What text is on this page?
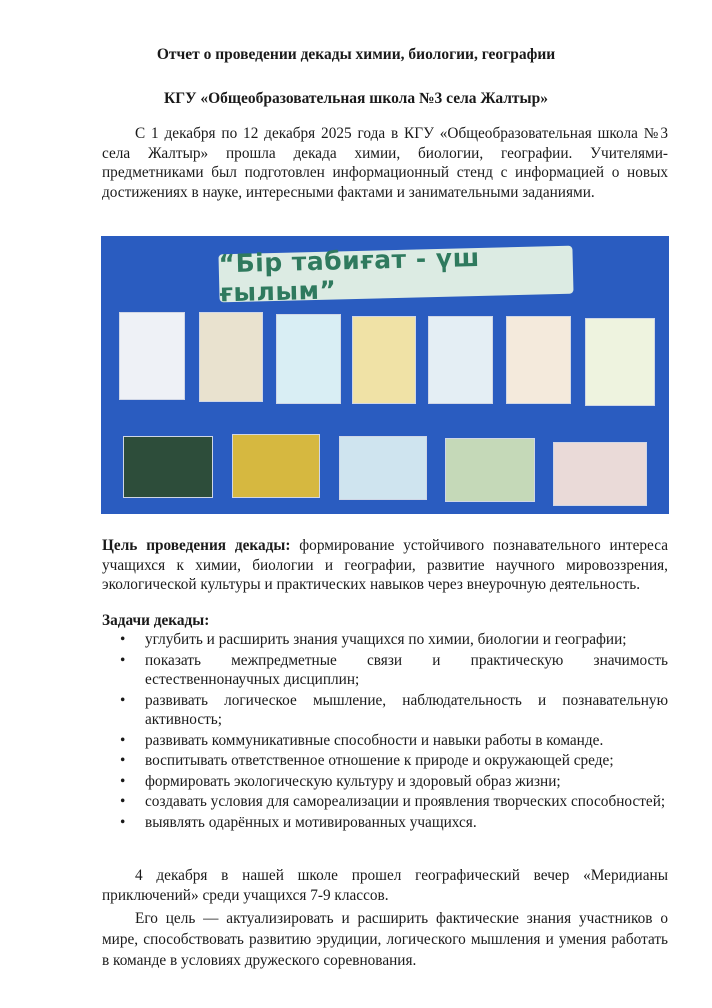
Отчет о проведении декады химии, биологии, географии
КГУ «Общеобразовательная школа №3 села Жалтыр»
С 1 декабря по 12 декабря 2025 года в КГУ «Общеобразовательная школа №3 села Жалтыр» прошла декада химии, биологии, географии. Учителями-предметниками был подготовлен информационный стенд с информацией о новых достижениях в науке, интересными фактами и занимательными заданиями.
“Бір табиғат - үш ғылым”
Цель проведения декады: формирование устойчивого познавательного интереса учащихся к химии, биологии и географии, развитие научного мировоззрения, экологической культуры и практических навыков через внеурочную деятельность.
Задачи декады:
• углубить и расширить знания учащихся по химии, биологии и географии;
• показать межпредметные связи и практическую значимость естественнонаучных дисциплин;
• развивать логическое мышление, наблюдательность и познавательную активность;
• развивать коммуникативные способности и навыки работы в команде.
• воспитывать ответственное отношение к природе и окружающей среде;
• формировать экологическую культуру и здоровый образ жизни;
• создавать условия для самореализации и проявления творческих способностей;
• выявлять одарённых и мотивированных учащихся.
4 декабря в нашей школе прошел географический вечер «Меридианы приключений» среди учащихся 7-9 классов.
Его цель — актуализировать и расширить фактические знания участников о мире, способствовать развитию эрудиции, логического мышления и умения работать в команде в условиях дружеского соревнования.
